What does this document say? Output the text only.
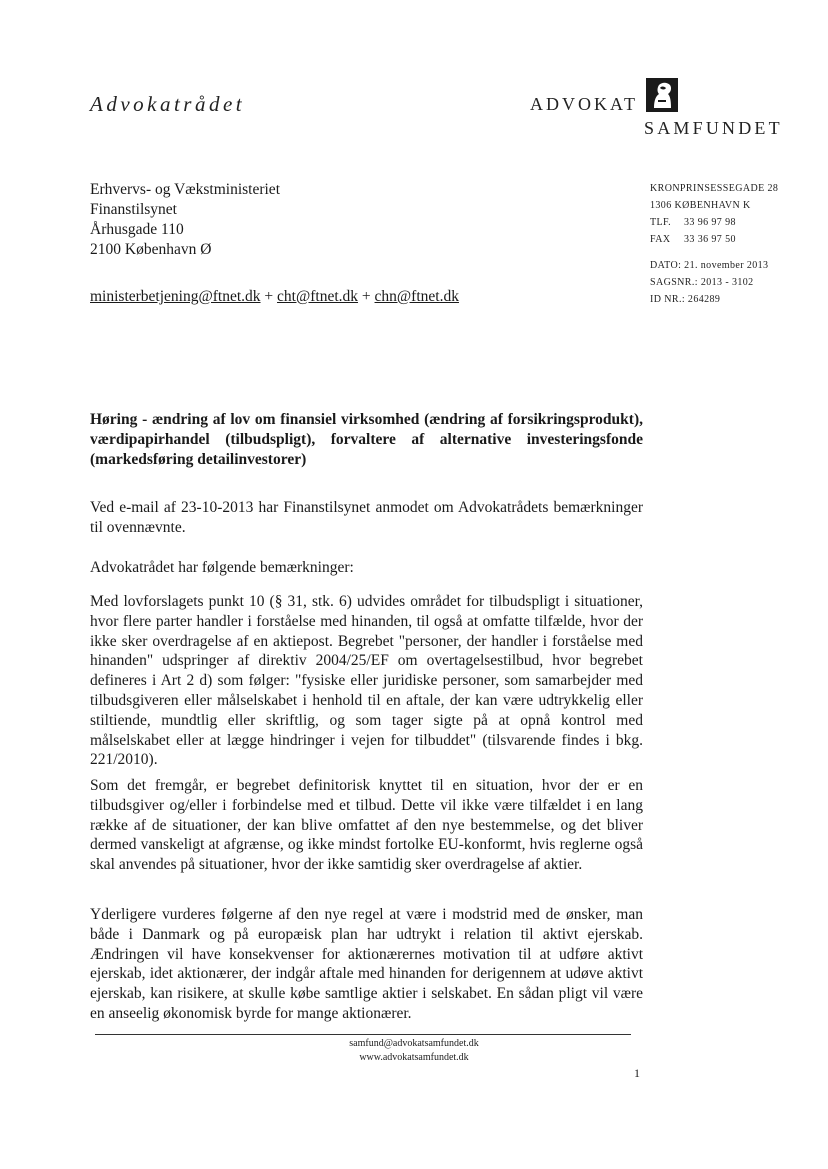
Advokatrådet	ADVOKAT
SAMFUNDET
Erhvervs- og Vækstministeriet
Finanstilsynet
Århusgade 110
2100 København Ø
ministerbetjening@ftnet.dk + cht@ftnet.dk + chn@ftnet.dk
KRONPRINSESSEGADE 28
1306 KØBENHAVN K
TLF. 33 96 97 98
FAX 33 36 97 50
DATO: 21. november 2013
SAGSNR.: 2013 - 3102
ID NR.: 264289
Høring - ændring af lov om finansiel virksomhed (ændring af forsikringsprodukt), værdipapirhandel (tilbudspligt), forvaltere af alternative investeringsfonde (markedsføring detailinvestorer)
Ved e-mail af 23-10-2013 har Finanstilsynet anmodet om Advokatrådets bemærkninger til ovennævnte.
Advokatrådet har følgende bemærkninger:
Med lovforslagets punkt 10 (§ 31, stk. 6) udvides området for tilbudspligt i situationer, hvor flere parter handler i forståelse med hinanden, til også at omfatte tilfælde, hvor der ikke sker overdragelse af en aktiepost. Begrebet "personer, der handler i forståelse med hinanden" udspringer af direktiv 2004/25/EF om overtagelsestilbud, hvor begrebet defineres i Art 2 d) som følger: "fysiske eller juridiske personer, som samarbejder med tilbudsgiveren eller målselskabet i henhold til en aftale, der kan være udtrykkelig eller stiltiende, mundtlig eller skriftlig, og som tager sigte på at opnå kontrol med målselskabet eller at lægge hindringer i vejen for tilbuddet" (tilsvarende findes i bkg. 221/2010).
Som det fremgår, er begrebet definitorisk knyttet til en situation, hvor der er en tilbudsgiver og/eller i forbindelse med et tilbud. Dette vil ikke være tilfældet i en lang række af de situationer, der kan blive omfattet af den nye bestemmelse, og det bliver dermed vanskeligt at afgrænse, og ikke mindst fortolke EU-konformt, hvis reglerne også skal anvendes på situationer, hvor der ikke samtidig sker overdragelse af aktier.
Yderligere vurderes følgerne af den nye regel at være i modstrid med de ønsker, man både i Danmark og på europæisk plan har udtrykt i relation til aktivt ejerskab. Ændringen vil have konsekvenser for aktionærernes motivation til at udføre aktivt ejerskab, idet aktionærer, der indgår aftale med hinanden for derigennem at udøve aktivt ejerskab, kan risikere, at skulle købe samtlige aktier i selskabet. En sådan pligt vil være en anseelig økonomisk byrde for mange aktionærer.
samfund@advokatsamfundet.dk
www.advokatsamfundet.dk
1
